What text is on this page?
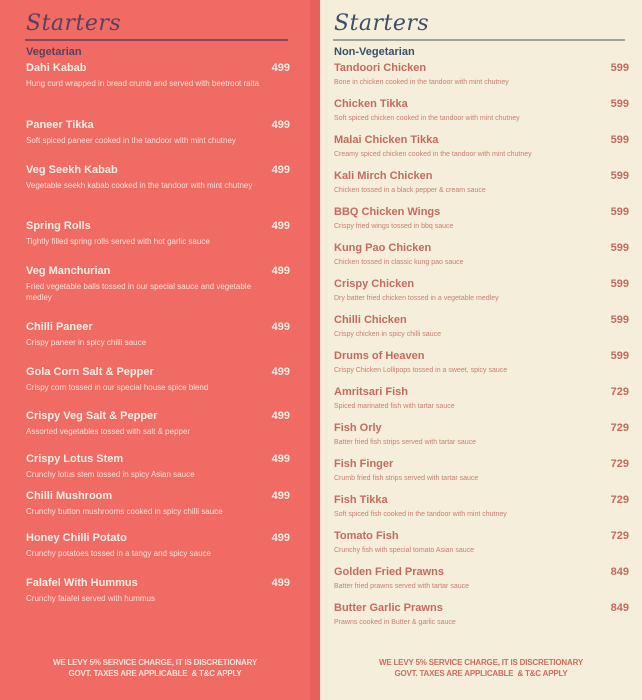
Starters
Vegetarian
Dahi Kabab	499
Hung curd wrapped in bread crumb and served with beetroot raita
Paneer Tikka	499
Soft spiced paneer cooked in the tandoor with mint chutney
Veg Seekh Kabab	499
Vegetable seekh kabab cooked in the tandoor with mint chutney
Spring Rolls	499
Tightly filled spring rolls served with hot garlic sauce
Veg Manchurian	499
Fried vegetable balls tossed in our special sauce and vegetable medley
Chilli Paneer	499
Crispy paneer in spicy chilli sauce
Gola Corn Salt & Pepper	499
Crispy corn tossed in our special house spice blend
Crispy Veg Salt & Pepper	499
Assorted vegetables tossed with salt & pepper
Crispy Lotus Stem	499
Crunchy lotus stem tossed in spicy Asian sauce
Chilli Mushroom	499
Crunchy button mushrooms cooked in spicy chilli sauce
Honey Chilli Potato	499
Crunchy potatoes tossed in a tangy and spicy sauce
Falafel With Hummus	499
Crunchy falafel served with hummus
WE LEVY 5% SERVICE CHARGE, IT IS DISCRETIONARY
GOVT. TAXES ARE APPLICABLE  & T&C APPLY
Starters
Non-Vegetarian
Tandoori Chicken	599
Bone in chicken cooked in the tandoor with mint chutney
Chicken Tikka	599
Soft spiced chicken cooked in the tandoor with mint chutney
Malai Chicken Tikka	599
Creamy spiced chicken cooked in the tandoor with mint chutney
Kali Mirch Chicken	599
Chicken tossed in a black pepper & cream sauce
BBQ Chicken Wings	599
Crispy fried wings tossed in bbq sauce
Kung Pao Chicken	599
Chicken tossed in classic kung pao sauce
Crispy Chicken	599
Dry batter fried chicken tossed in a vegetable medley
Chilli Chicken	599
Crispy chicken in spicy chilli sauce
Drums of Heaven	599
Crispy Chicken Lollipops tossed in a sweet, spicy sauce
Amritsari Fish	729
Spiced marinated fish with tartar sauce
Fish Orly	729
Batter fried fish strips served with tartar sauce
Fish Finger	729
Crumb fried fish strips served with tartar sauce
Fish Tikka	729
Soft spiced fish cooked in the tandoor with mint chutney
Tomato Fish	729
Crunchy fish with special tomato Asian sauce
Golden Fried Prawns	849
Batter fried prawns served with tartar sauce
Butter Garlic Prawns	849
Prawns cooked in Butter & garlic sauce
WE LEVY 5% SERVICE CHARGE, IT IS DISCRETIONARY
GOVT. TAXES ARE APPLICABLE  & T&C APPLY
